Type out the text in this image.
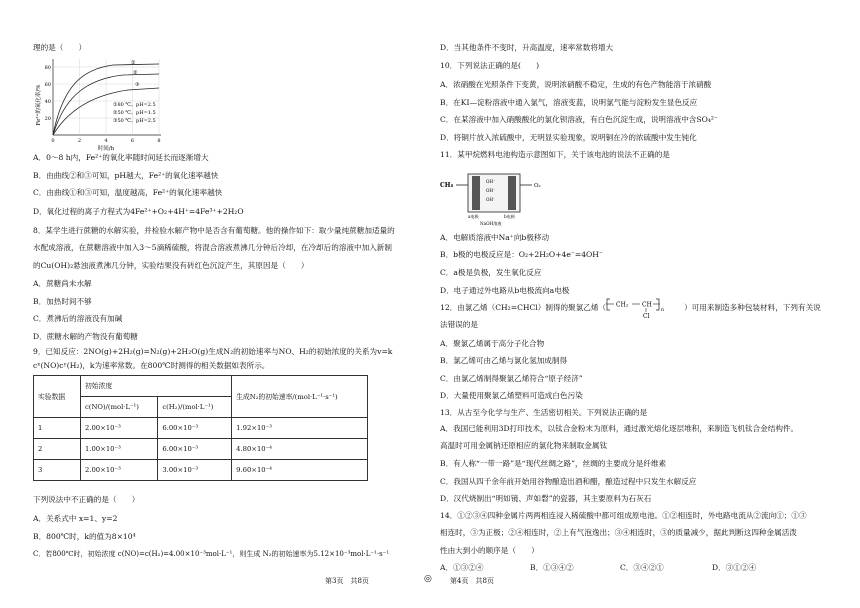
理的是（　　）
Fe²⁺的氧化率/%
80
60
40
20
0	2	4	6	8
时间/h
①
②
③
①80 ℃、pH=2.5
②50 ℃、pH=1.5
③50 ℃、pH=2.5
A．0～8 h内，Fe²⁺的氧化率随时间延长而逐渐增大
B．由曲线②和③可知，pH越大，Fe²⁺的氧化速率越快
C．由曲线①和③可知，温度越高，Fe²⁺的氧化速率越快
D．氧化过程的离子方程式为4Fe²⁺+O₂+4H⁺=4Fe³⁺+2H₂O
8．某学生进行蔗糖的水解实验，并检验水解产物中是否含有葡萄糖。他的操作如下：取少量纯蔗糖加适量的
水配成溶液，在蔗糖溶液中加入3～5滴稀硫酸，将混合溶液煮沸几分钟后冷却，在冷却后的溶液中加入新制
的Cu(OH)₂悬浊液煮沸几分钟，实验结果没有砖红色沉淀产生，其原因是（　　）
A．蔗糖尚未水解
B．加热时间不够
C．煮沸后的溶液没有加碱
D．蔗糖水解的产物没有葡萄糖
9．已知反应：2NO(g)+2H₂(g)=N₂(g)+2H₂O(g)生成N₂的初始速率与NO、H₂的初始浓度的关系为v=k
cˣ(NO)cʸ(H₂)，k为速率常数。在800℃时测得的相关数据如表所示。
实验数据	初始浓度		生成N₂的初始速率/(mol·L⁻¹·s⁻¹)
	c(NO)/(mol·L⁻¹)	c(H₂)/(mol·L⁻¹)	
1	2.00×10⁻³	6.00×10⁻³	1.92×10⁻³
2	1.00×10⁻³	6.00×10⁻³	4.80×10⁻⁴
3	2.00×10⁻³	3.00×10⁻³	9.60×10⁻⁴
下列说法中不正确的是（　　）
A．关系式中 x=1、y=2
B．800℃时，k的值为8×10⁴
C．若800℃时，初始浓度 c(NO)=c(H₂)=4.00×10⁻³mol·L⁻¹，则生成 N₂的初始速率为5.12×10⁻³mol·L⁻¹·s⁻¹
D．当其他条件不变时，升高温度，速率常数将增大
10．下列说法正确的是(　　)
A．浓硝酸在光照条件下变黄，说明浓硝酸不稳定，生成的有色产物能溶于浓硝酸
B．在KI—淀粉溶液中通入氯气，溶液变蓝，说明氯气能与淀粉发生显色反应
C．在某溶液中加入硝酸酸化的氯化钡溶液，有白色沉淀生成，说明溶液中含SO₄²⁻
D．将铜片放入浓硫酸中，无明显实验现象，说明铜在冷的浓硫酸中发生钝化
11．某甲烷燃料电池构造示意图如下，关于该电池的说法不正确的是
CH₄
OH⁻
OH⁻
OH⁻
O₂
a电极	b电极
NaOH溶液
A．电解质溶液中Na⁺向b极移动
B．b极的电极反应是：O₂+2H₂O+4e⁻=4OH⁻
C．a极是负极，发生氧化反应
D．电子通过外电路从b电极流向a电极
12．由氯乙烯（CH₂=CHCl）制得的聚氯乙烯（ CH₂ CH
Cl
n	）可用来制造多种包装材料，下列有关说
法错误的是
A．聚氯乙烯属于高分子化合物
B．氯乙烯可由乙烯与氯化氢加成制得
C．由氯乙烯制得聚氯乙烯符合“原子经济”
D．大量使用聚氯乙烯塑料可造成白色污染
13．从古至今化学与生产、生活密切相关。下列说法正确的是
A．我国已能利用3D打印技术，以钛合金粉末为原料，通过激光熔化逐层堆积，来制造飞机钛合金结构件。
高温时可用金属钠还原相应的氯化物来制取金属钛
B．有人称“一带一路”是“现代丝绸之路”，丝绸的主要成分是纤维素
C．我国从四千余年前开始用谷物酿造出酒和醋，酿造过程中只发生水解反应
D．汉代烧制出“明如镜、声如磬”的瓷器，其主要原料为石灰石
14．①②③④四种金属片两两相连浸入稀硫酸中都可组成原电池。①②相连时，外电路电流从②流向①；①③
相连时，③为正极；②④相连时，②上有气泡逸出；③④相连时，③的质量减少，据此判断这四种金属活泼
性由大到小的顺序是（　　）
A．①③②④	B．①③④②	C．③④②①	D．③①②④
第3页　共8页	◎	第4页　共8页
